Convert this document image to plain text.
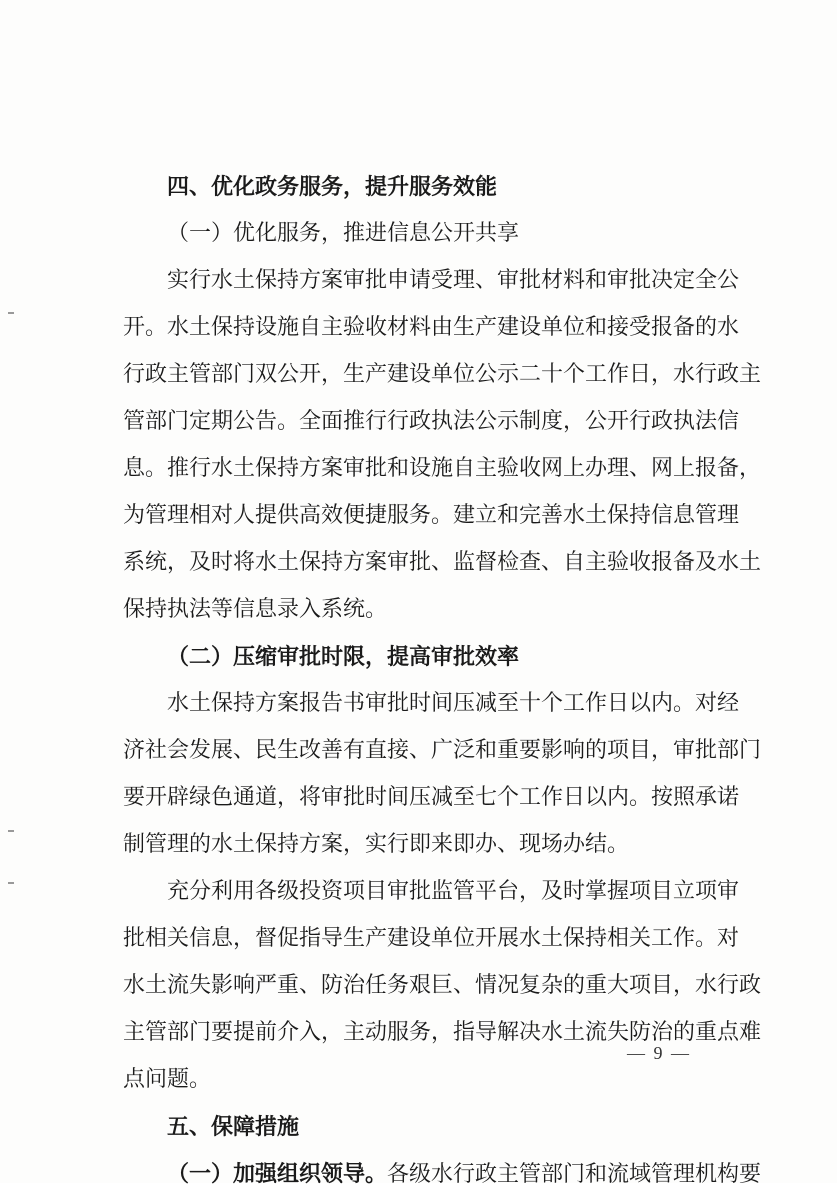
四、优化政务服务，提升服务效能
（一）优化服务，推进信息公开共享
实行水土保持方案审批申请受理、审批材料和审批决定全公
开。水土保持设施自主验收材料由生产建设单位和接受报备的水
行政主管部门双公开，生产建设单位公示二十个工作日，水行政主
管部门定期公告。全面推行行政执法公示制度，公开行政执法信
息。推行水土保持方案审批和设施自主验收网上办理、网上报备，
为管理相对人提供高效便捷服务。建立和完善水土保持信息管理
系统，及时将水土保持方案审批、监督检查、自主验收报备及水土
保持执法等信息录入系统。
（二）压缩审批时限，提高审批效率
水土保持方案报告书审批时间压减至十个工作日以内。对经
济社会发展、民生改善有直接、广泛和重要影响的项目，审批部门
要开辟绿色通道，将审批时间压减至七个工作日以内。按照承诺
制管理的水土保持方案，实行即来即办、现场办结。
充分利用各级投资项目审批监管平台，及时掌握项目立项审
批相关信息，督促指导生产建设单位开展水土保持相关工作。对
水土流失影响严重、防治任务艰巨、情况复杂的重大项目，水行政
主管部门要提前介入，主动服务，指导解决水土流失防治的重点难
点问题。
五、保障措施
（一）加强组织领导。各级水行政主管部门和流域管理机构要
— 9 —
